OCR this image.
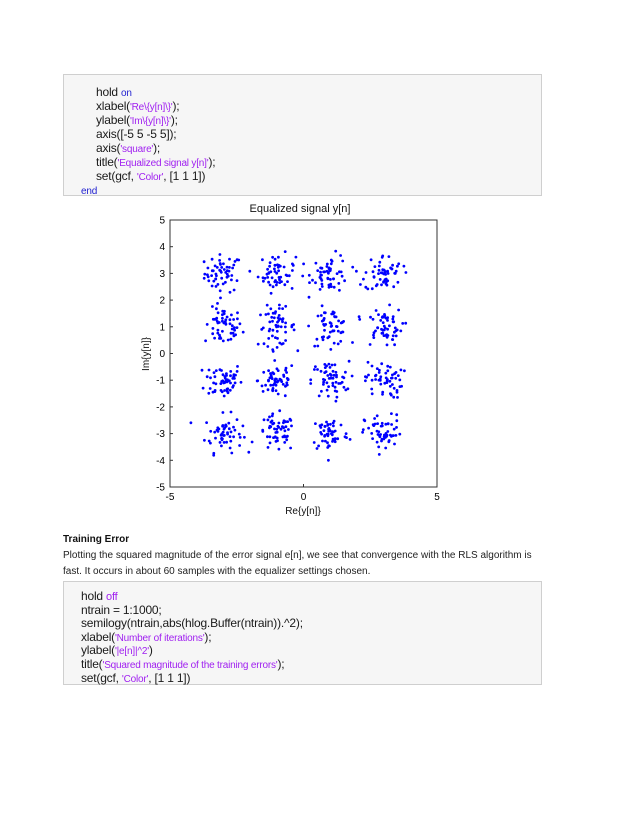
hold on
xlabel('Re\{y[n]\}');
ylabel('Im\{y[n]\}');
axis([-5 5 -5 5]);
axis('square');
title('Equalized signal y[n]');
set(gcf, 'Color', [1 1 1])
end
Equalized signal y[n]
5
4
3
2
1
0
-1
-2
-3
-4
-5
-5	0	5
Re{y[n]}
Im{y[n]}
Training Error
Plotting the squared magnitude of the error signal e[n], we see that convergence with the RLS algorithm is fast. It occurs in about 60 samples with the equalizer settings chosen.
hold off
ntrain = 1:1000;
semilogy(ntrain,abs(hlog.Buffer(ntrain)).^2);
xlabel('Number of iterations');
ylabel('|e[n]|^2')
title('Squared magnitude of the training errors');
set(gcf, 'Color', [1 1 1])
